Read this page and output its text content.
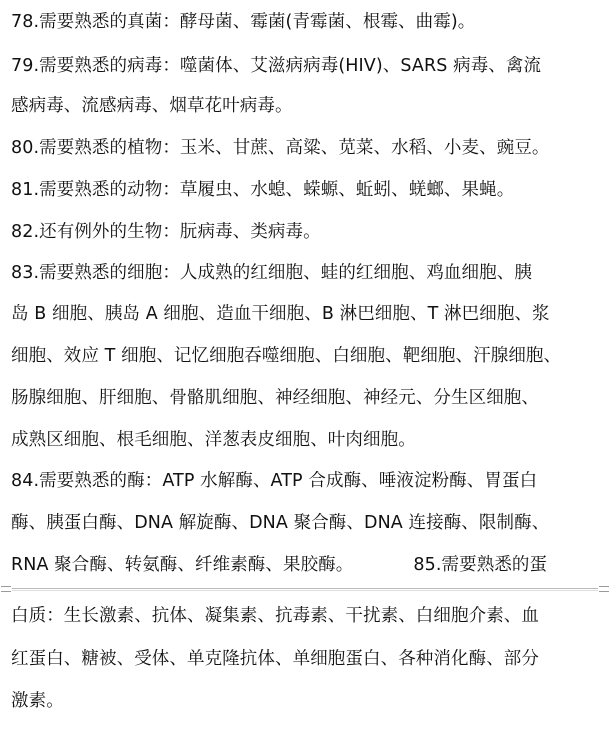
78.需要熟悉的真菌：酵母菌、霉菌(青霉菌、根霉、曲霉)。
79.需要熟悉的病毒：噬菌体、艾滋病病毒(HIV)、SARS 病毒、禽流
感病毒、流感病毒、烟草花叶病毒。
80.需要熟悉的植物：玉米、甘蔗、高粱、苋菜、水稻、小麦、豌豆。
81.需要熟悉的动物：草履虫、水螅、蝾螈、蚯蚓、蜣螂、果蝇。
82.还有例外的生物：朊病毒、类病毒。
83.需要熟悉的细胞：人成熟的红细胞、蛙的红细胞、鸡血细胞、胰
岛 B 细胞、胰岛 A 细胞、造血干细胞、B 淋巴细胞、T 淋巴细胞、浆
细胞、效应 T 细胞、记忆细胞吞噬细胞、白细胞、靶细胞、汗腺细胞、
肠腺细胞、肝细胞、骨骼肌细胞、神经细胞、神经元、分生区细胞、
成熟区细胞、根毛细胞、洋葱表皮细胞、叶肉细胞。
84.需要熟悉的酶：ATP 水解酶、ATP 合成酶、唾液淀粉酶、胃蛋白
酶、胰蛋白酶、DNA 解旋酶、DNA 聚合酶、DNA 连接酶、限制酶、
RNA 聚合酶、转氨酶、纤维素酶、果胶酶。	85.需要熟悉的蛋
白质：生长激素、抗体、凝集素、抗毒素、干扰素、白细胞介素、血
红蛋白、糖被、受体、单克隆抗体、单细胞蛋白、各种消化酶、部分
激素。
